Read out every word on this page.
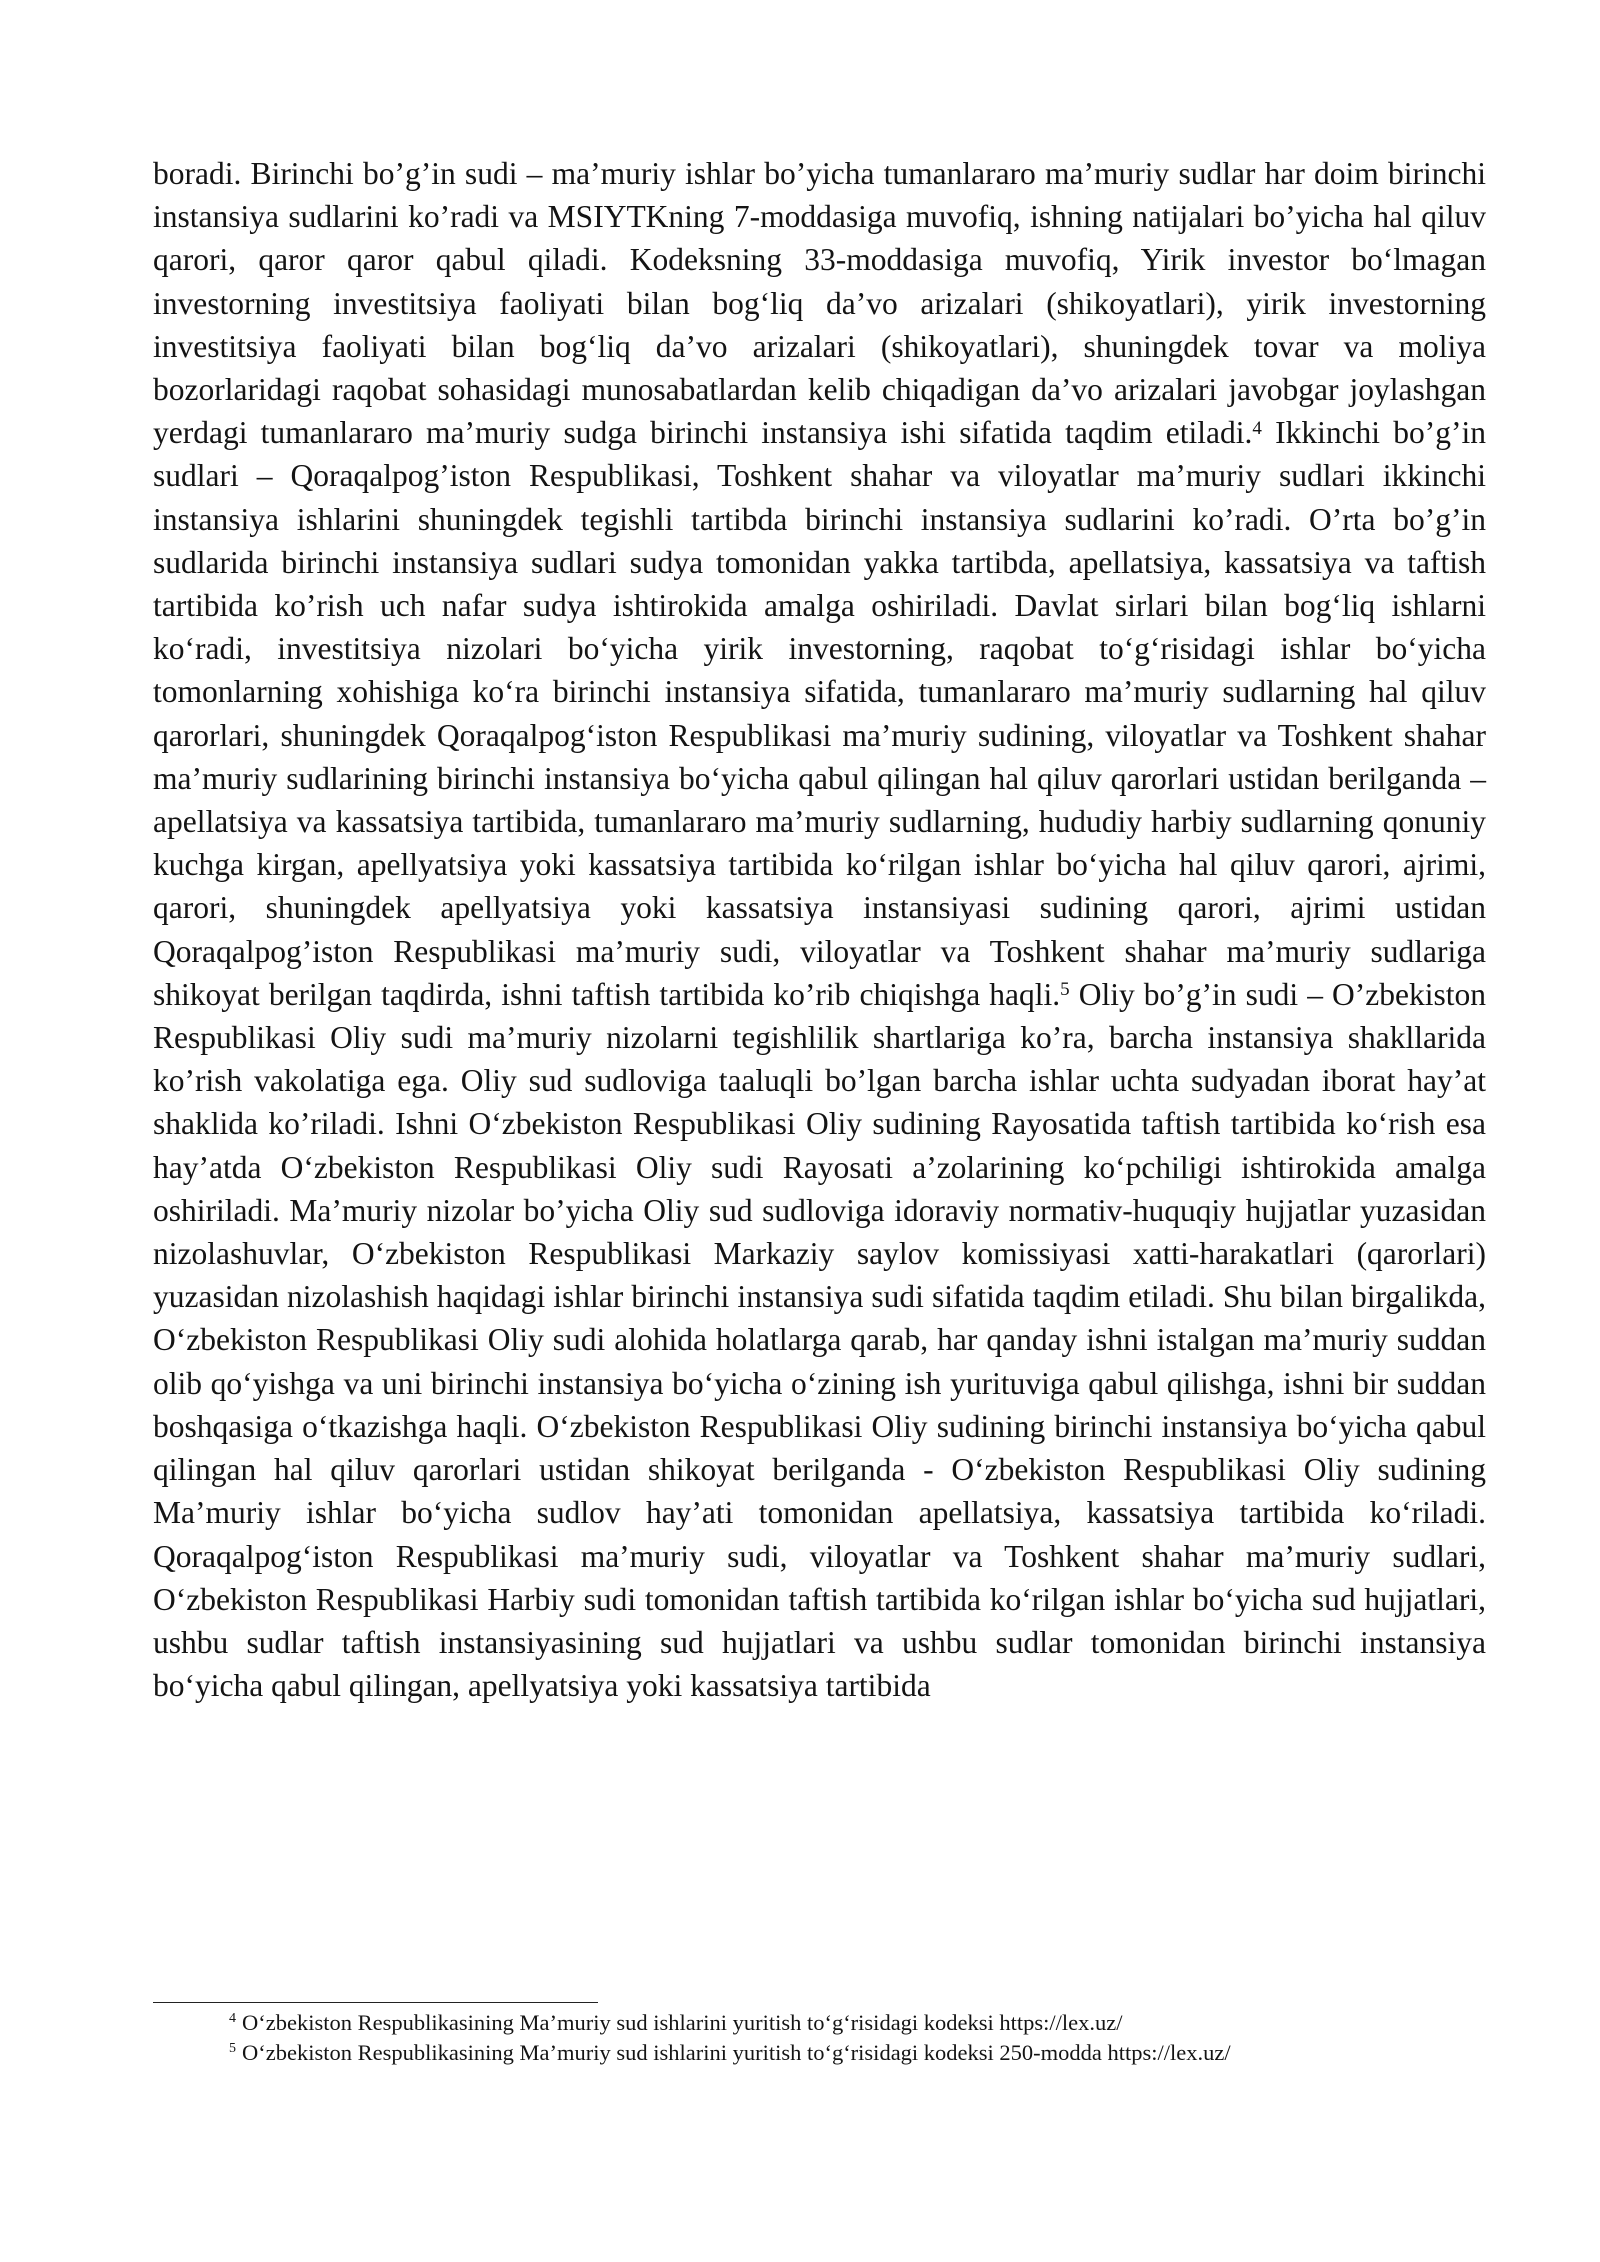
boradi. Birinchi bo’g’in sudi – ma’muriy ishlar bo’yicha tumanlararo ma’muriy sudlar har doim birinchi instansiya sudlarini ko’radi va MSIYTKning 7-moddasiga muvofiq, ishning natijalari bo’yicha hal qiluv qarori, qaror qaror qabul qiladi. Kodeksning 33-moddasiga muvofiq, Yirik investor boʻlmagan investorning investitsiya faoliyati bilan bogʻliq da’vo arizalari (shikoyatlari), yirik investorning investitsiya faoliyati bilan bogʻliq da’vo arizalari (shikoyatlari), shuningdek tovar va moliya bozorlaridagi raqobat sohasidagi munosabatlardan kelib chiqadigan da’vo arizalari javobgar joylashgan yerdagi tumanlararo ma’muriy sudga birinchi instansiya ishi sifatida taqdim etiladi.$^4$ Ikkinchi bo’g’in sudlari – Qoraqalpog’iston Respublikasi, Toshkent shahar va viloyatlar ma’muriy sudlari ikkinchi instansiya ishlarini shuningdek tegishli tartibda birinchi instansiya sudlarini ko’radi. O’rta bo’g’in sudlarida birinchi instansiya sudlari sudya tomonidan yakka tartibda, apellatsiya, kassatsiya va taftish tartibida ko’rish uch nafar sudya ishtirokida amalga oshiriladi. Davlat sirlari bilan bogʻliq ishlarni koʻradi, investitsiya nizolari boʻyicha yirik investorning, raqobat toʻgʻrisidagi ishlar boʻyicha tomonlarning xohishiga koʻra birinchi instansiya sifatida, tumanlararo ma’muriy sudlarning hal qiluv qarorlari, shuningdek Qoraqalpogʻiston Respublikasi ma’muriy sudining, viloyatlar va Toshkent shahar ma’muriy sudlarining birinchi instansiya boʻyicha qabul qilingan hal qiluv qarorlari ustidan berilganda – apellatsiya va kassatsiya tartibida, tumanlararo ma’muriy sudlarning, hududiy harbiy sudlarning qonuniy kuchga kirgan, apellyatsiya yoki kassatsiya tartibida koʻrilgan ishlar boʻyicha hal qiluv qarori, ajrimi, qarori, shuningdek apellyatsiya yoki kassatsiya instansiyasi sudining qarori, ajrimi ustidan Qoraqalpog’iston Respublikasi ma’muriy sudi, viloyatlar va Toshkent shahar ma’muriy sudlariga shikoyat berilgan taqdirda, ishni taftish tartibida ko’rib chiqishga haqli.$^5$ Oliy bo’g’in sudi – O’zbekiston Respublikasi Oliy sudi ma’muriy nizolarni tegishlilik shartlariga ko’ra, barcha instansiya shakllarida ko’rish vakolatiga ega. Oliy sud sudloviga taaluqli bo’lgan barcha ishlar uchta sudyadan iborat hay’at shaklida ko’riladi. Ishni Oʻzbekiston Respublikasi Oliy sudining Rayosatida taftish tartibida koʻrish esa hay’atda Oʻzbekiston Respublikasi Oliy sudi Rayosati a’zolarining koʻpchiligi ishtirokida amalga oshiriladi. Ma’muriy nizolar bo’yicha Oliy sud sudloviga idoraviy normativ-huquqiy hujjatlar yuzasidan nizolashuvlar, Oʻzbekiston Respublikasi Markaziy saylov komissiyasi xatti-harakatlari (qarorlari) yuzasidan nizolashish haqidagi ishlar birinchi instansiya sudi sifatida taqdim etiladi. Shu bilan birgalikda, Oʻzbekiston Respublikasi Oliy sudi alohida holatlarga qarab, har qanday ishni istalgan ma’muriy suddan olib qoʻyishga va uni birinchi instansiya boʻyicha oʻzining ish yurituviga qabul qilishga, ishni bir suddan boshqasiga oʻtkazishga haqli. Oʻzbekiston Respublikasi Oliy sudining birinchi instansiya boʻyicha qabul qilingan hal qiluv qarorlari ustidan shikoyat berilganda - Oʻzbekiston Respublikasi Oliy sudining Ma’muriy ishlar boʻyicha sudlov hay’ati tomonidan apellatsiya, kassatsiya tartibida koʻriladi. Qoraqalpogʻiston Respublikasi ma’muriy sudi, viloyatlar va Toshkent shahar ma’muriy sudlari, Oʻzbekiston Respublikasi Harbiy sudi tomonidan taftish tartibida koʻrilgan ishlar boʻyicha sud hujjatlari, ushbu sudlar taftish instansiyasining sud hujjatlari va ushbu sudlar tomonidan birinchi instansiya boʻyicha qabul qilingan, apellyatsiya yoki kassatsiya tartibida

$^4$ Oʻzbekiston Respublikasining Ma’muriy sud ishlarini yuritish toʻgʻrisidagi kodeksi https://lex.uz/

$^5$ Oʻzbekiston Respublikasining Ma’muriy sud ishlarini yuritish toʻgʻrisidagi kodeksi 250-modda https://lex.uz/
